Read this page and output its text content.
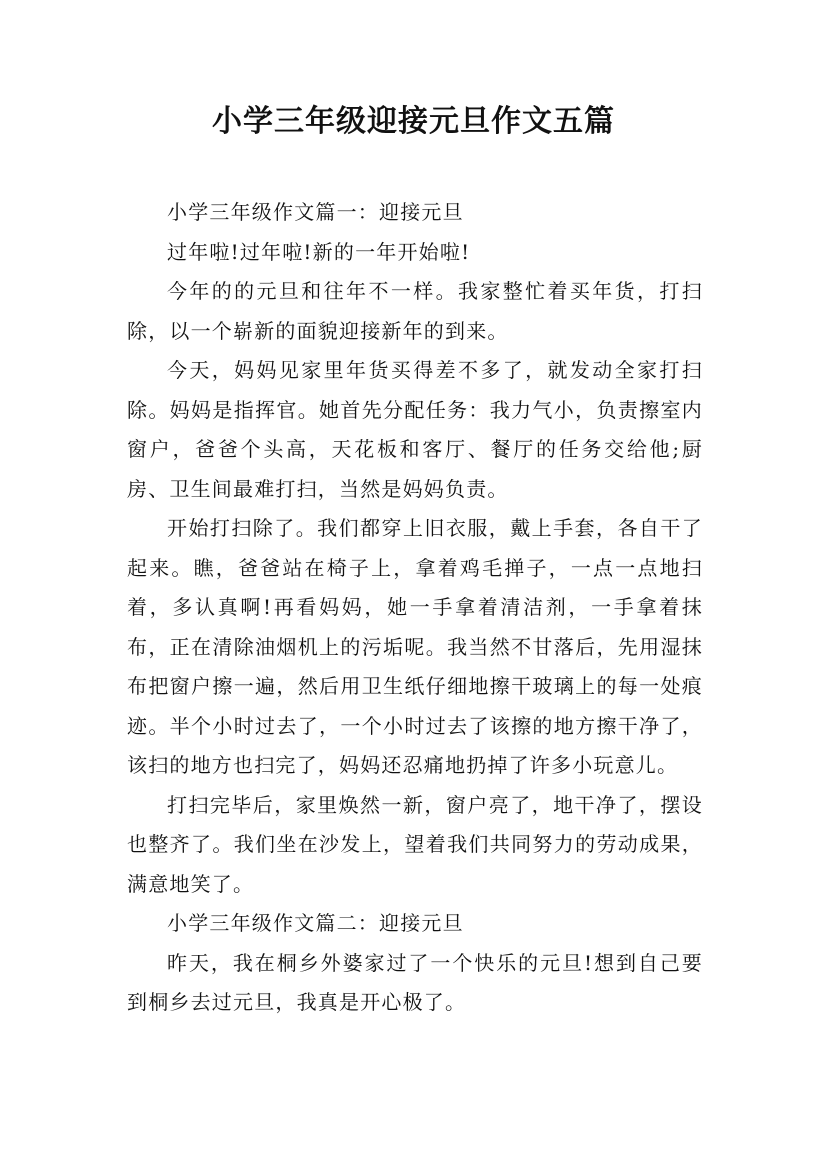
小学三年级迎接元旦作文五篇

小学三年级作文篇一：迎接元旦

过年啦!过年啦!新的一年开始啦!

今年的的元旦和往年不一样。我家整忙着买年货，打扫除，以一个崭新的面貌迎接新年的到来。

今天，妈妈见家里年货买得差不多了，就发动全家打扫除。妈妈是指挥官。她首先分配任务：我力气小，负责擦室内窗户，爸爸个头高，天花板和客厅、餐厅的任务交给他;厨房、卫生间最难打扫，当然是妈妈负责。

开始打扫除了。我们都穿上旧衣服，戴上手套，各自干了起来。瞧，爸爸站在椅子上，拿着鸡毛掸子，一点一点地扫着，多认真啊!再看妈妈，她一手拿着清洁剂，一手拿着抹布，正在清除油烟机上的污垢呢。我当然不甘落后，先用湿抹布把窗户擦一遍，然后用卫生纸仔细地擦干玻璃上的每一处痕迹。半个小时过去了，一个小时过去了该擦的地方擦干净了，该扫的地方也扫完了，妈妈还忍痛地扔掉了许多小玩意儿。

打扫完毕后，家里焕然一新，窗户亮了，地干净了，摆设也整齐了。我们坐在沙发上，望着我们共同努力的劳动成果，满意地笑了。

小学三年级作文篇二：迎接元旦

昨天，我在桐乡外婆家过了一个快乐的元旦!想到自己要到桐乡去过元旦，我真是开心极了。
